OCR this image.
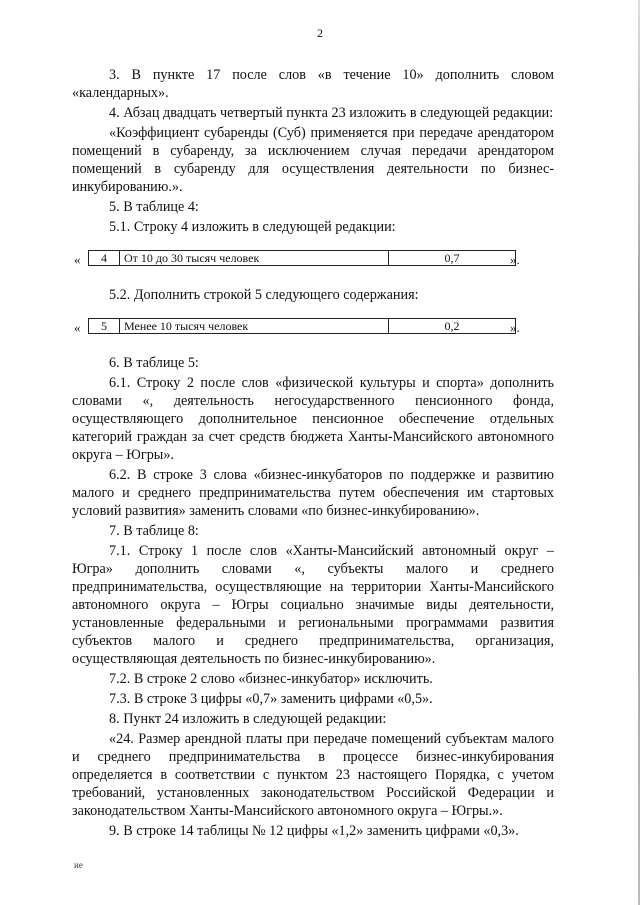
2

3. В пункте 17 после слов «в течение 10» дополнить словом «календарных».

4. Абзац двадцать четвертый пункта 23 изложить в следующей редакции:

«Коэффициент субаренды (Суб) применяется при передаче арендатором помещений в субаренду, за исключением случая передачи арендатором помещений в субаренду для осуществления деятельности по бизнес-инкубированию.».

5. В таблице 4:

5.1. Строку 4 изложить в следующей редакции:

« 4	От 10 до 30 тысяч человек	0,7	».

5.2. Дополнить строкой 5 следующего содержания:

« 5	Менее 10 тысяч человек	0,2	».

6. В таблице 5:

6.1. Строку 2 после слов «физической культуры и спорта» дополнить словами «, деятельность негосударственного пенсионного фонда, осуществляющего дополнительное пенсионное обеспечение отдельных категорий граждан за счет средств бюджета Ханты-Мансийского автономного округа – Югры».

6.2. В строке 3 слова «бизнес-инкубаторов по поддержке и развитию малого и среднего предпринимательства путем обеспечения им стартовых условий развития» заменить словами «по бизнес-инкубированию».

7. В таблице 8:

7.1. Строку 1 после слов «Ханты-Мансийский автономный округ – Югра» дополнить словами «, субъекты малого и среднего предпринимательства, осуществляющие на территории Ханты-Мансийского автономного округа – Югры социально значимые виды деятельности, установленные федеральными и региональными программами развития субъектов малого и среднего предпринимательства, организация, осуществляющая деятельность по бизнес-инкубированию».

7.2. В строке 2 слово «бизнес-инкубатор» исключить.

7.3. В строке 3 цифры «0,7» заменить цифрами «0,5».

8. Пункт 24 изложить в следующей редакции:

«24. Размер арендной платы при передаче помещений субъектам малого и среднего предпринимательства в процессе бизнес-инкубирования определяется в соответствии с пунктом 23 настоящего Порядка, с учетом требований, установленных законодательством Российской Федерации и законодательством Ханты-Мансийского автономного округа – Югры.».

9. В строке 14 таблицы № 12 цифры «1,2» заменить цифрами «0,3».

ие
